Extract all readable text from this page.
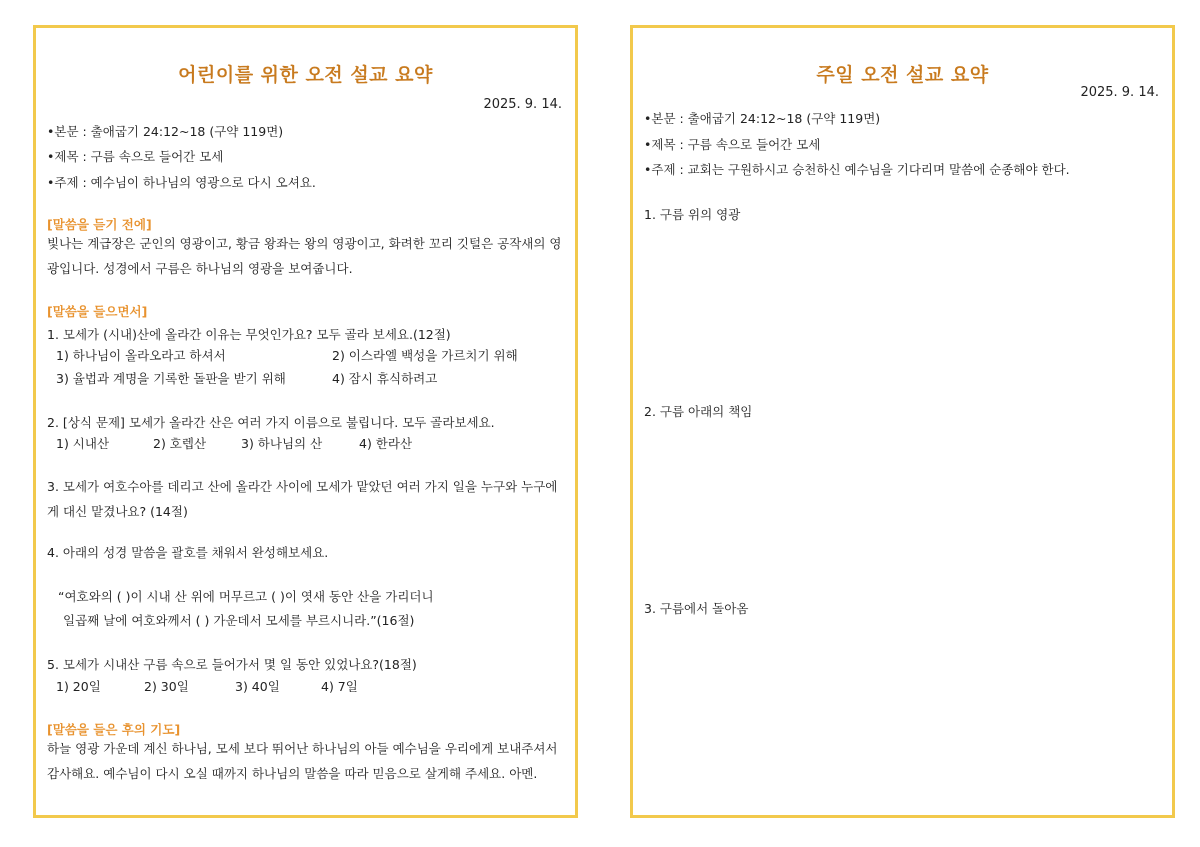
어린이를 위한 오전 설교 요약
2025. 9. 14.
•본문 : 출애굽기 24:12~18 (구약 119면)
•제목 : 구름 속으로 들어간 모세
•주제 : 예수님이 하나님의 영광으로 다시 오셔요.
[말씀을 듣기 전에]
빛나는 계급장은 군인의 영광이고, 황금 왕좌는 왕의 영광이고, 화려한 꼬리 깃털은 공작새의 영광입니다. 성경에서 구름은 하나님의 영광을 보여줍니다.
[말씀을 들으면서]
1. 모세가 (시내)산에 올라간 이유는 무엇인가요? 모두 골라 보세요.(12절)
1) 하나님이 올라오라고 하셔서	2) 이스라엘 백성을 가르치기 위해
3) 율법과 계명을 기록한 돌판을 받기 위해	4) 잠시 휴식하려고
2. [상식 문제] 모세가 올라간 산은 여러 가지 이름으로 불립니다. 모두 골라보세요.
1) 시내산	2) 호렙산	3) 하나님의 산	4) 한라산
3. 모세가 여호수아를 데리고 산에 올라간 사이에 모세가 맡았던 여러 가지 일을 누구와 누구에게 대신 맡겼나요? (14절)
4. 아래의 성경 말씀을 괄호를 채워서 완성해보세요.
“여호와의 ( )이 시내 산 위에 머무르고 ( )이 엿새 동안 산을 가리더니
일곱째 날에 여호와께서 ( ) 가운데서 모세를 부르시니라.”(16절)
5. 모세가 시내산 구름 속으로 들어가서 몇 일 동안 있었나요?(18절)
1) 20일	2) 30일	3) 40일	4) 7일
[말씀을 들은 후의 기도]
하늘 영광 가운데 계신 하나님, 모세 보다 뛰어난 하나님의 아들 예수님을 우리에게 보내주셔서 감사해요. 예수님이 다시 오실 때까지 하나님의 말씀을 따라 믿음으로 살게해 주세요. 아멘.
주일 오전 설교 요약
2025. 9. 14.
•본문 : 출애굽기 24:12~18 (구약 119면)
•제목 : 구름 속으로 들어간 모세
•주제 : 교회는 구원하시고 승천하신 예수님을 기다리며 말씀에 순종해야 한다.
1. 구름 위의 영광
2. 구름 아래의 책임
3. 구름에서 돌아옴
